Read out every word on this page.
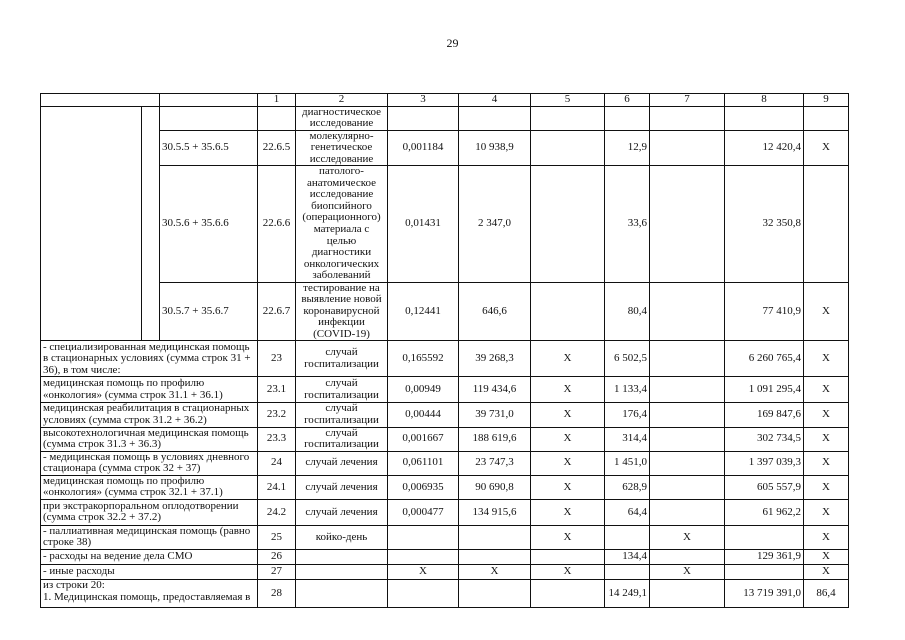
29
			1	2	3	4	5	6	7	8	9
				диагностическое исследование							
		30.5.5 + 35.6.5	22.6.5	молекулярно-генетическое исследование	0,001184	10 938,9		12,9		12 420,4	X
		30.5.6 + 35.6.6	22.6.6	патолого-анатомическое исследование биопсийного (операционного) материала с целью диагностики онкологических заболеваний	0,01431	2 347,0		33,6		32 350,8	
		30.5.7 + 35.6.7	22.6.7	тестирование на выявление новой коронавирусной инфекции (COVID-19)	0,12441	646,6		80,4		77 410,9	X
- специализированная медицинская помощь в стационарных условиях (сумма строк 31 + 36), в том числе:			23	случай госпитализации	0,165592	39 268,3	X	6 502,5		6 260 765,4	X
медицинская помощь по профилю «онкология» (сумма строк 31.1 + 36.1)			23.1	случай госпитализации	0,00949	119 434,6	X	1 133,4		1 091 295,4	X
медицинская реабилитация в стационарных условиях (сумма строк 31.2 + 36.2)			23.2	случай госпитализации	0,00444	39 731,0	X	176,4		169 847,6	X
высокотехнологичная медицинская помощь (сумма строк 31.3 + 36.3)			23.3	случай госпитализации	0,001667	188 619,6	X	314,4		302 734,5	X
- медицинская помощь в условиях дневного стационара (сумма строк 32 + 37)			24	случай лечения	0,061101	23 747,3	X	1 451,0		1 397 039,3	X
медицинская помощь по профилю «онкология» (сумма строк 32.1 + 37.1)			24.1	случай лечения	0,006935	90 690,8	X	628,9		605 557,9	X
при экстракорпоральном оплодотворении (сумма строк 32.2 + 37.2)			24.2	случай лечения	0,000477	134 915,6	X	64,4		61 962,2	X
- паллиативная медицинская помощь (равно строке 38)			25	койко-день			X		X		X
- расходы на ведение дела СМО			26					134,4		129 361,9	X
- иные расходы			27		X	X	X		X		X
из строки 20:
1. Медицинская помощь, предоставляемая в			28					14 249,1		13 719 391,0	86,4
